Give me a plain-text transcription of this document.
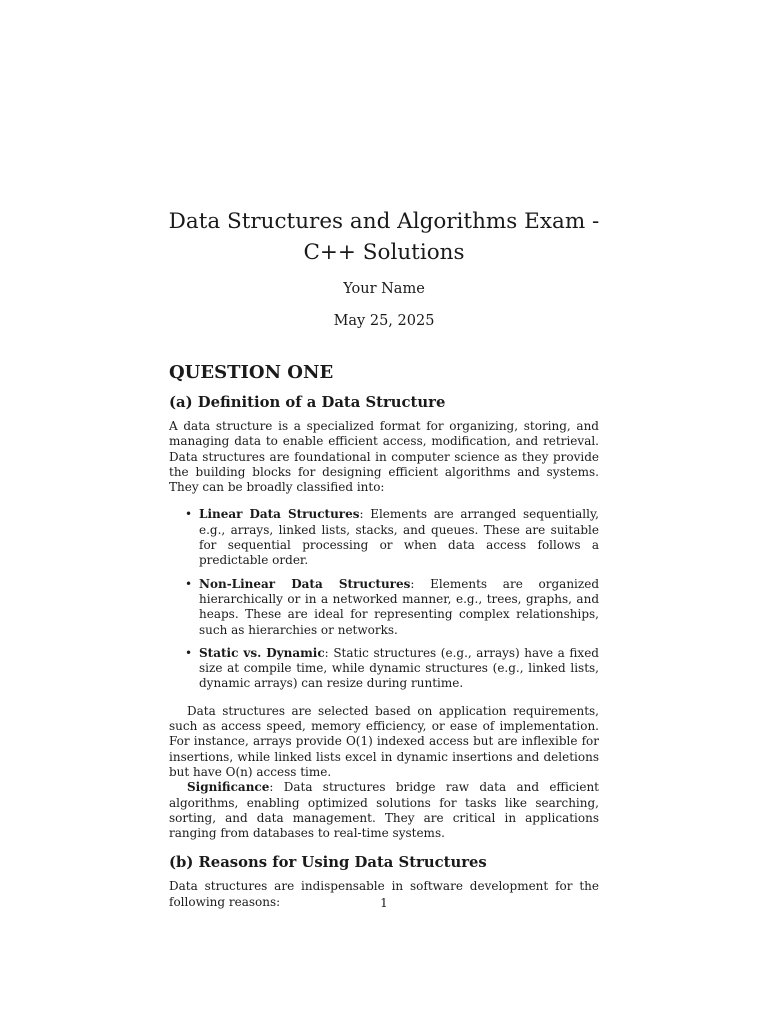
Data Structures and Algorithms Exam - C++ Solutions
Your Name
May 25, 2025
QUESTION ONE
(a) Definition of a Data Structure

A data structure is a specialized format for organizing, storing, and managing data to enable efficient access, modification, and retrieval. Data structures are foundational in computer science as they provide the building blocks for designing efficient algorithms and systems. They can be broadly classified into:

• Linear Data Structures: Elements are arranged sequentially, e.g., arrays, linked lists, stacks, and queues. These are suitable for sequential processing or when data access follows a predictable order.
• Non-Linear Data Structures: Elements are organized hierarchically or in a networked manner, e.g., trees, graphs, and heaps. These are ideal for representing complex relationships, such as hierarchies or networks.
• Static vs. Dynamic: Static structures (e.g., arrays) have a fixed size at compile time, while dynamic structures (e.g., linked lists, dynamic arrays) can resize during runtime.

Data structures are selected based on application requirements, such as access speed, memory efficiency, or ease of implementation. For instance, arrays provide O(1) indexed access but are inflexible for insertions, while linked lists excel in dynamic insertions and deletions but have O(n) access time.

Significance: Data structures bridge raw data and efficient algorithms, enabling optimized solutions for tasks like searching, sorting, and data management. They are critical in applications ranging from databases to real-time systems.

(b) Reasons for Using Data Structures

Data structures are indispensable in software development for the following reasons:	1
